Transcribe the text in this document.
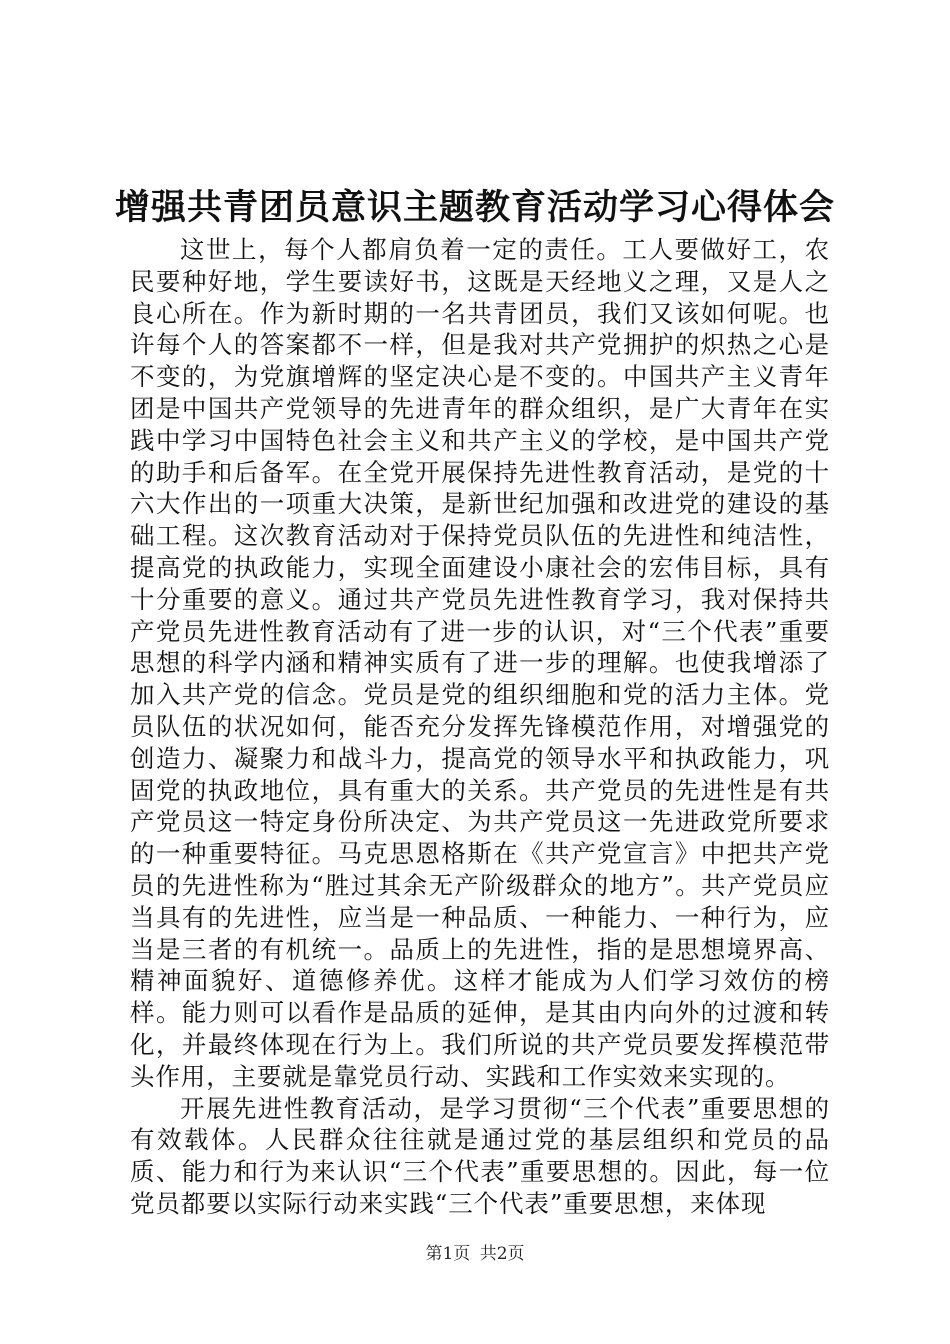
增强共青团员意识主题教育活动学习心得体会

这世上，每个人都肩负着一定的责任。工人要做好工，农民要种好地，学生要读好书，这既是天经地义之理，又是人之良心所在。作为新时期的一名共青团员，我们又该如何呢。也许每个人的答案都不一样，但是我对共产党拥护的炽热之心是不变的，为党旗增辉的坚定决心是不变的。中国共产主义青年团是中国共产党领导的先进青年的群众组织，是广大青年在实践中学习中国特色社会主义和共产主义的学校，是中国共产党的助手和后备军。在全党开展保持先进性教育活动，是党的十六大作出的一项重大决策，是新世纪加强和改进党的建设的基础工程。这次教育活动对于保持党员队伍的先进性和纯洁性，提高党的执政能力，实现全面建设小康社会的宏伟目标，具有十分重要的意义。通过共产党员先进性教育学习，我对保持共产党员先进性教育活动有了进一步的认识，对“三个代表”重要思想的科学内涵和精神实质有了进一步的理解。也使我增添了加入共产党的信念。党员是党的组织细胞和党的活力主体。党员队伍的状况如何，能否充分发挥先锋模范作用，对增强党的创造力、凝聚力和战斗力，提高党的领导水平和执政能力，巩固党的执政地位，具有重大的关系。共产党员的先进性是有共产党员这一特定身份所决定、为共产党员这一先进政党所要求的一种重要特征。马克思恩格斯在《共产党宣言》中把共产党员的先进性称为“胜过其余无产阶级群众的地方”。共产党员应当具有的先进性，应当是一种品质、一种能力、一种行为，应当是三者的有机统一。品质上的先进性，指的是思想境界高、精神面貌好、道德修养优。这样才能成为人们学习效仿的榜样。能力则可以看作是品质的延伸，是其由内向外的过渡和转化，并最终体现在行为上。我们所说的共产党员要发挥模范带头作用，主要就是靠党员行动、实践和工作实效来实现的。

开展先进性教育活动，是学习贯彻“三个代表”重要思想的有效载体。人民群众往往就是通过党的基层组织和党员的品质、能力和行为来认识“三个代表”重要思想的。因此，每一位党员都要以实际行动来实践“三个代表”重要思想，来体现

第1页 共2页
